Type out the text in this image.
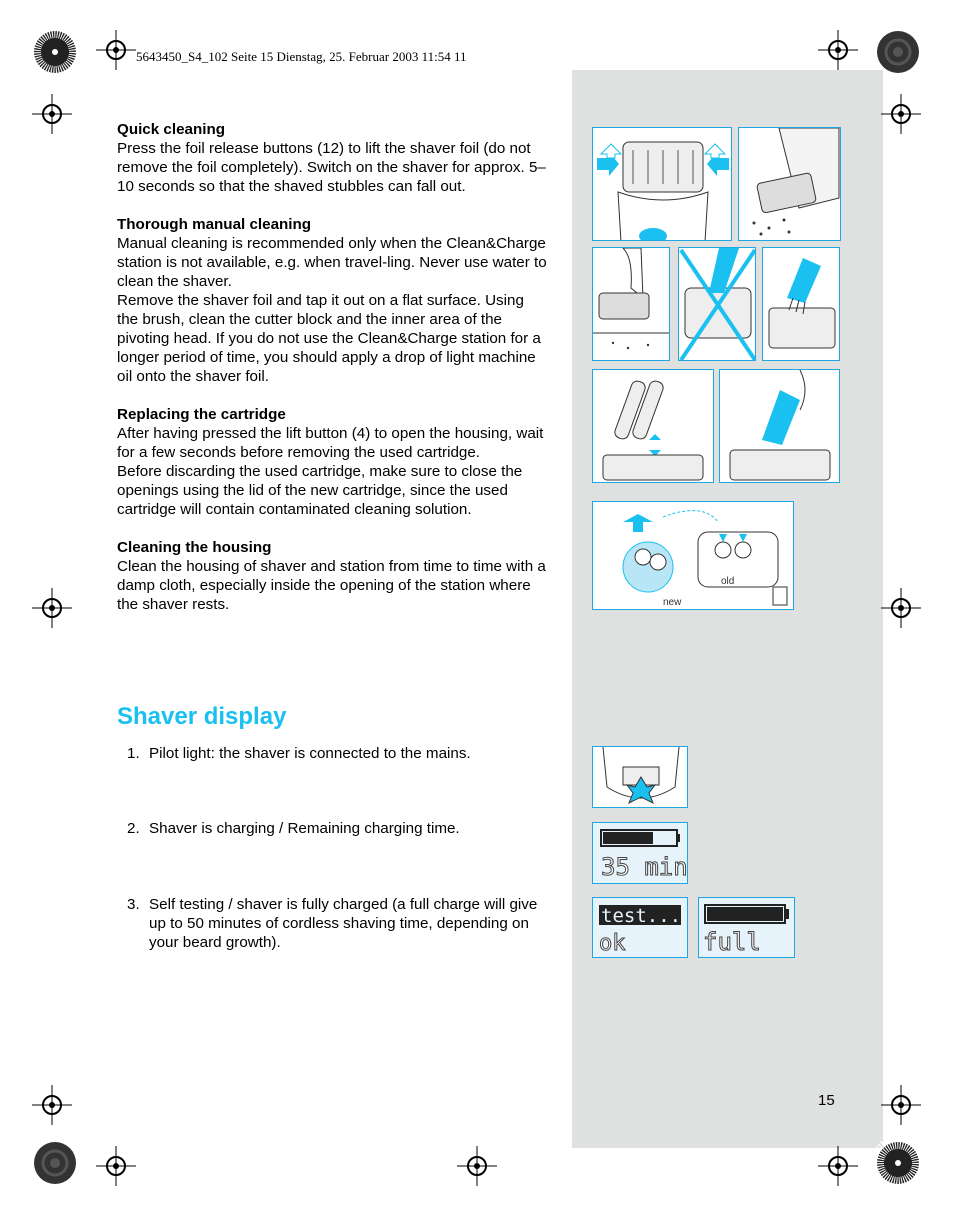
5643450_S4_102 Seite 15 Dienstag, 25. Februar 2003 11:54 11
Quick cleaning

Press the foil release buttons (12) to lift the shaver foil (do not remove the foil completely). Switch on the shaver for approx. 5–10 seconds so that the shaved stubbles can fall out.

Thorough manual cleaning

Manual cleaning is recommended only when the Clean&Charge station is not available, e.g. when travel-ling. Never use water to clean the shaver.
Remove the shaver foil and tap it out on a flat surface. Using the brush, clean the cutter block and the inner area of the pivoting head. If you do not use the Clean&Charge station for a longer period of time, you should apply a drop of light machine oil onto the shaver foil.

Replacing the cartridge

After having pressed the lift button (4) to open the housing, wait for a few seconds before removing the used cartridge.
Before discarding the used cartridge, make sure to close the openings using the lid of the new cartridge, since the used cartridge will contain contaminated cleaning solution.

Cleaning the housing

Clean the housing of shaver and station from time to time with a damp cloth, especially inside the opening of the station where the shaver rests.

Shaver display
1. Pilot light: the shaver is connected to the mains.
2. Shaver is charging / Remaining charging time.
3. Self testing / shaver is fully charged (a full charge will give up to 50 minutes of cordless shaving time, depending on your beard growth).
old
new
35 min
test...
ok	full
15
